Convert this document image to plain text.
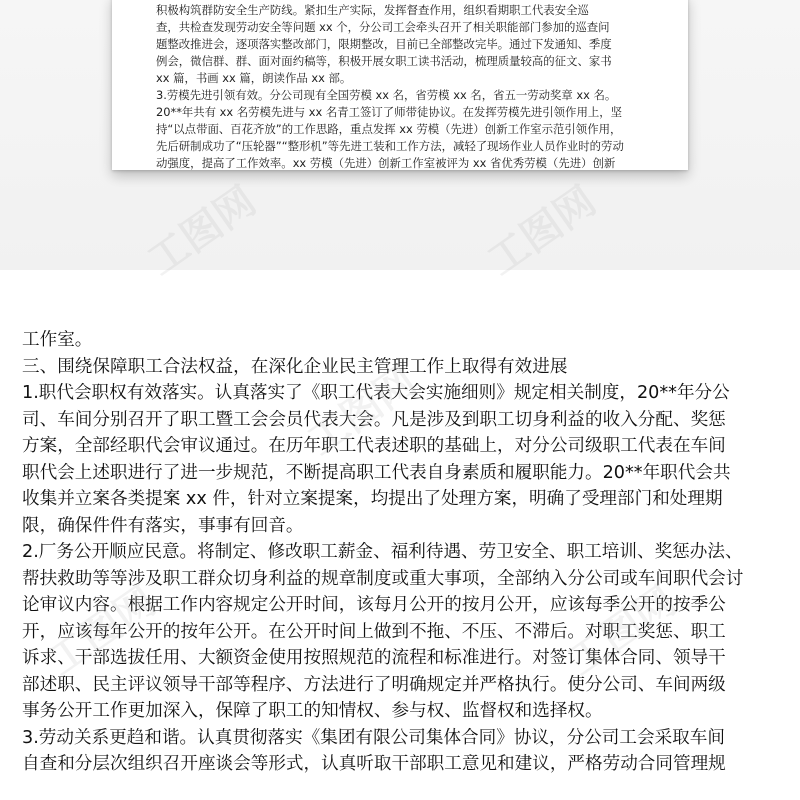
积极构筑群防安全生产防线。紧扣生产实际，发挥督查作用，组织看期职工代表安全巡
查，共检查发现劳动安全等问题 xx 个，分公司工会牵头召开了相关职能部门参加的巡查问
题整改推进会，逐项落实整改部门，限期整改，目前已全部整改完毕。通过下发通知、季度
例会，微信群、群、面对面约稿等，积极开展女职工读书活动，梳理质量较高的征文、家书
xx 篇，书画 xx 篇，朗读作品 xx 部。
3.劳模先进引领有效。分公司现有全国劳模 xx 名，省劳模 xx 名，省五一劳动奖章 xx 名。
20**年共有 xx 名劳模先进与 xx 名青工签订了师带徒协议。在发挥劳模先进引领作用上，坚
持“以点带面、百花齐放”的工作思路，重点发挥 xx 劳模（先进）创新工作室示范引领作用，
先后研制成功了“压轮器”“整形机”等先进工装和工作方法，减轻了现场作业人员作业时的劳动
动强度，提高了工作效率。xx 劳模（先进）创新工作室被评为 xx 省优秀劳模（先进）创新
工图网	工图网
工作室。
三、围绕保障职工合法权益，在深化企业民主管理工作上取得有效进展
1.职代会职权有效落实。认真落实了《职工代表大会实施细则》规定相关制度，20**年分公
司、车间分别召开了职工暨工会会员代表大会。凡是涉及到职工切身利益的收入分配、奖惩
方案，全部经职代会审议通过。在历年职工代表述职的基础上，对分公司级职工代表在车间
职代会上述职进行了进一步规范，不断提高职工代表自身素质和履职能力。20**年职代会共
收集并立案各类提案 xx 件，针对立案提案，均提出了处理方案，明确了受理部门和处理期
限，确保件件有落实，事事有回音。
2.厂务公开顺应民意。将制定、修改职工薪金、福利待遇、劳卫安全、职工培训、奖惩办法、
帮扶救助等等涉及职工群众切身利益的规章制度或重大事项，全部纳入分公司或车间职代会讨
论审议内容。根据工作内容规定公开时间，该每月公开的按月公开，应该每季公开的按季公
开，应该每年公开的按年公开。在公开时间上做到不拖、不压、不滞后。对职工奖惩、职工
诉求、干部选拔任用、大额资金使用按照规范的流程和标准进行。对签订集体合同、领导干
部述职、民主评议领导干部等程序、方法进行了明确规定并严格执行。使分公司、车间两级
事务公开工作更加深入，保障了职工的知情权、参与权、监督权和选择权。
3.劳动关系更趋和谐。认真贯彻落实《集团有限公司集体合同》协议，分公司工会采取车间
自查和分层次组织召开座谈会等形式，认真听取干部职工意见和建议，严格劳动合同管理规
工图网
工图网	工图网
